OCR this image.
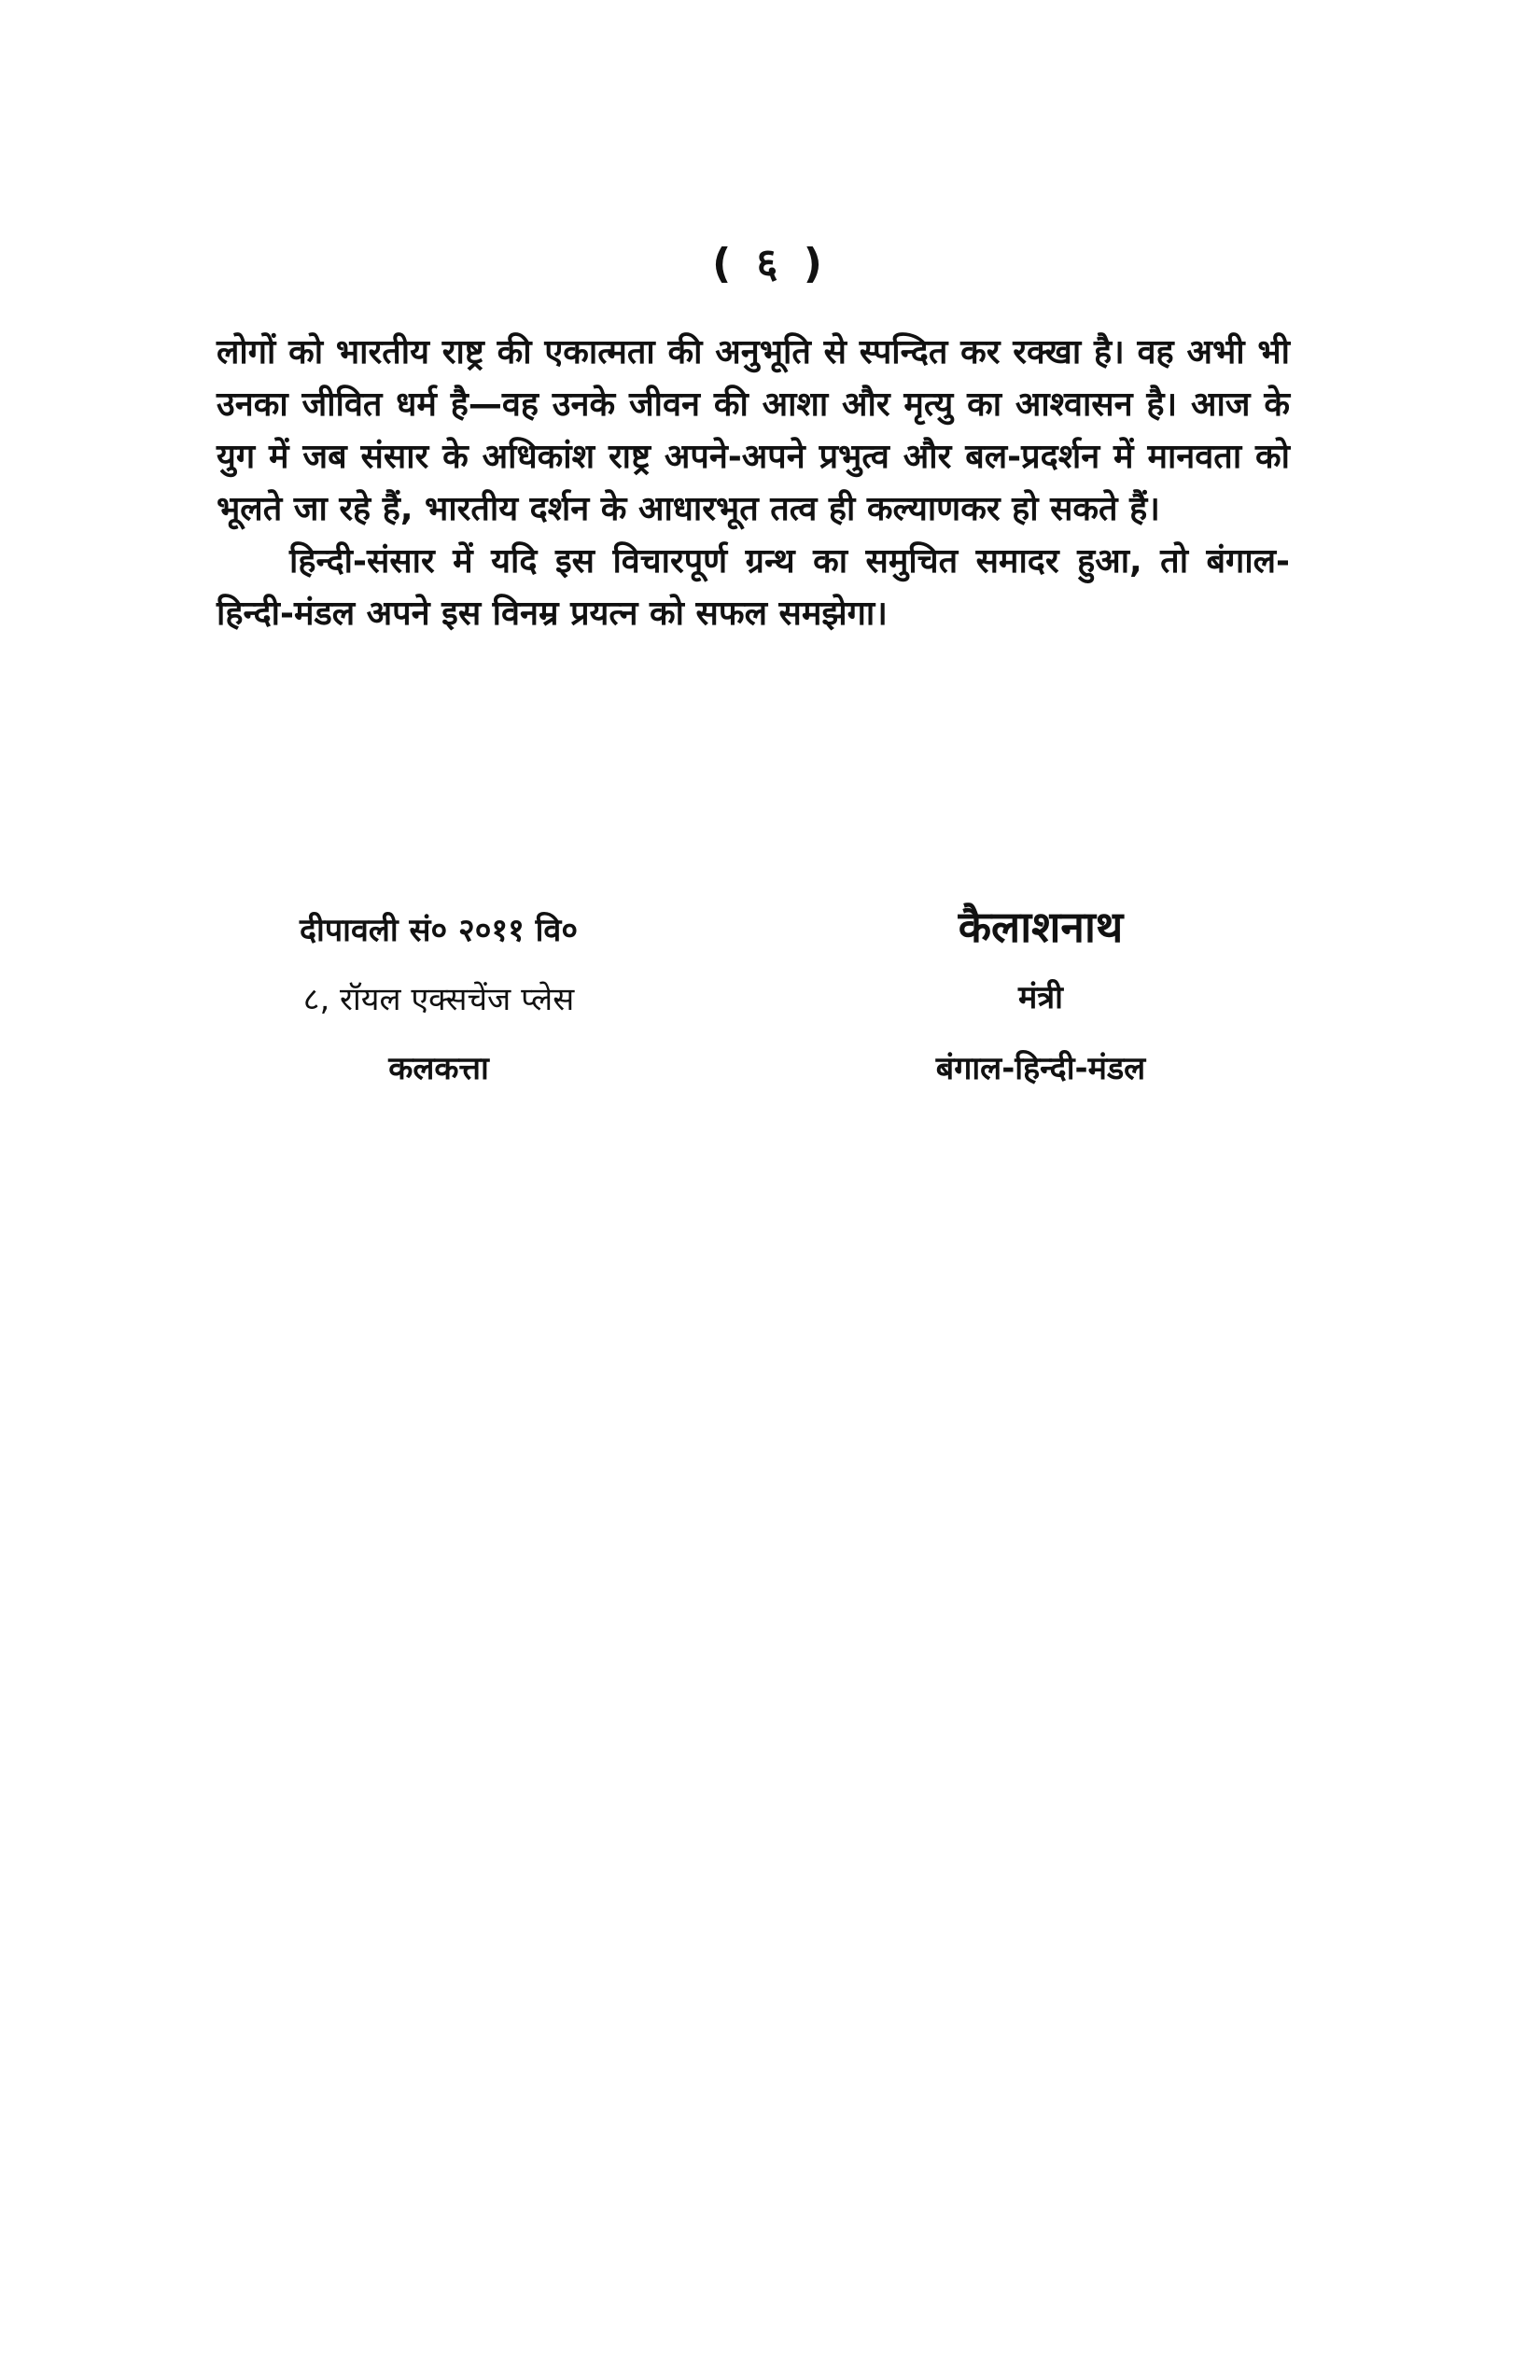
( ६ )

लोगों को भारतीय राष्ट्र की एकात्मता की अनुभूति से स्पन्दित कर रक्खा है। वह अभी भी उनका जीवित धर्म है—वह उनके जीवन की आशा और मृत्यु का आश्वासन है। आज के युग में जब संसार के अधिकांश राष्ट्र अपने-अपने प्रभुत्व और बल-प्रदर्शन में मानवता को भूलते जा रहे हैं, भारतीय दर्शन के आधारभूत तत्व ही कल्याणकर हो सकते हैं।

हिन्दी-संसार में यदि इस विचारपूर्ण ग्रन्थ का समुचित समादर हुआ, तो बंगाल-हिन्दी-मंडल अपने इस विनम्र प्रयत्न को सफल समझेगा।

दीपावली सं० २०११ वि०
८, रॉयल एक्सचेंज प्लेस
कलकत्ता
कैलाशनाथ
मंत्री
बंगाल-हिन्दी-मंडल
